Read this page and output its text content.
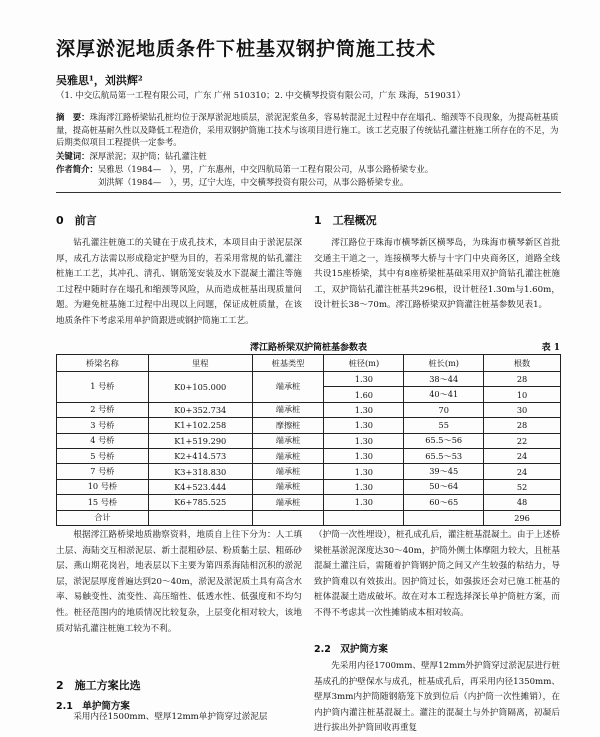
深厚淤泥地质条件下桩基双钢护筒施工技术
吴雅思¹，刘洪辉²
（1. 中交広航局第一工程有限公司，广东 广州 510310；2. 中交横琴投资有限公司，广东 珠海，519031）
摘　要：珠海澪江路桥梁钻孔桩均位于深厚淤泥地质层，淤泥泥浆鱼多，容易转混泥土过程中存在塌孔、缩颈等不良现象，为提高桩基质量，提高桩基耐久性以及降低工程造价，采用双钢护筒施工技术与该项目进行施工。该工艺克服了传统钻孔灌注桩施工所存在的不足，为后期类似项目工程提供一定参考。
关键词：深厚淤泥；双护筒；钻孔灌注桩
作者简介：吴雅思（1984—　），男，广东惠州，中交四航局第一工程有限公司，从事公路桥梁专业。
刘洪辉（1984—　），男，辽宁大连，中交横琴投资有限公司，从事公路桥梁专业。
0　前言
钻孔灌注桩施工的关键在于成孔技术，本项目由于淤泥层深厚，成孔方法需以形成稳定护壁为目的，若采用常规的钻孔灌注桩施工工艺，其冲孔、清孔、钢筋笼安装及水下混凝土灌注等施工过程中随时存在塌孔和缩颈等风险，从而造成桩基出现质量问题。为避免桩基施工过程中出现以上问题，保证成桩质量，在该地质条件下考虑采用单护筒跟进或钢护筒施工工艺。
1　工程概况
澪江路位于珠海市横琴新区横琴岛，为珠海市横琴新区首批交通主干道之一，连接横琴大桥与十字门中央商务区，道路全线共设15座桥梁，其中有8座桥梁桩基础采用双护筒钻孔灌注桩施工，双护筒钻孔灌注桩基共296根，设计桩径1.30m与1.60m，设计桩长38～70m。澪江路桥梁双护筒灌注桩基参数见表1。
澪江路桥梁双护筒桩基参数表	表 1
桥梁名称	里程	桩基类型	桩径(m)	桩长(m)	根数
1 号桥	K0+105.000	端承桩	1.30	38～44	28
			1.60	40～41	10
2 号桥	K0+352.734	端承桩	1.30	70	30
3 号桥	K1+102.258	摩擦桩	1.30	55	28
4 号桥	K1+519.290	端承桩	1.30	65.5～56	22
5 号桥	K2+414.573	端承桩	1.30	65.5～53	24
7 号桥	K3+318.830	端承桩	1.30	39～45	24
10 号桥	K4+523.444	端承桩	1.30	50～64	52
15 号桥	K6+785.525	端承桩	1.30	60～65	48
合计					296
根据澪江路桥梁地质勘察资料，地质自上往下分为：人工填土层、海陆交互相淤泥层、新土混粗砂层、粉质黏土层、粗砾砂层、燕山期花岗岩，地表层以下主要为第四系海陆相沉积的淤泥层，淤泥层厚度普遍达到20～40m，淤泥及淤泥质土具有高含水率、易触变性、流变性、高压缩性、低透水性、低强度和不均匀性。桩径范围内的地质情况比较复杂，上层变化相对较大，该地质对钻孔灌注桩施工较为不利。
2　施工方案比选
2.1　单护筒方案
（护筒一次性埋设），桩孔成孔后，灌注桩基混凝土。由于上述桥梁桩基淤泥深度达30～40m，护筒外侧土体摩阻力较大，且桩基混凝土灌注后，需随着护筒钢护筒之间又产生较强的粘结力，导致护筒难以有效拔出。因护筒过长，如强拔还会对已施工桩基的桩体混凝土造成破坏。故在对本工程选择深长单护筒桩方案，而不得不考虑其一次性摊销成本相对较高。
2.2　双护筒方案
先采用内径1700mm、壁厚12mm外护筒穿过淤泥层进行桩基成孔的护壁保水与成孔，桩基成孔后，再采用内径1350mm、壁厚3mm内护筒随钢筋笼下放到位后（内护筒一次性摊销），在内护筒内灌注桩基混凝土。灌注的混凝土与外护筒隔离，初凝后进行拔出外护筒回收再重复
采用内径1500mm、壁厚12mm单护筒穿过淤泥层
